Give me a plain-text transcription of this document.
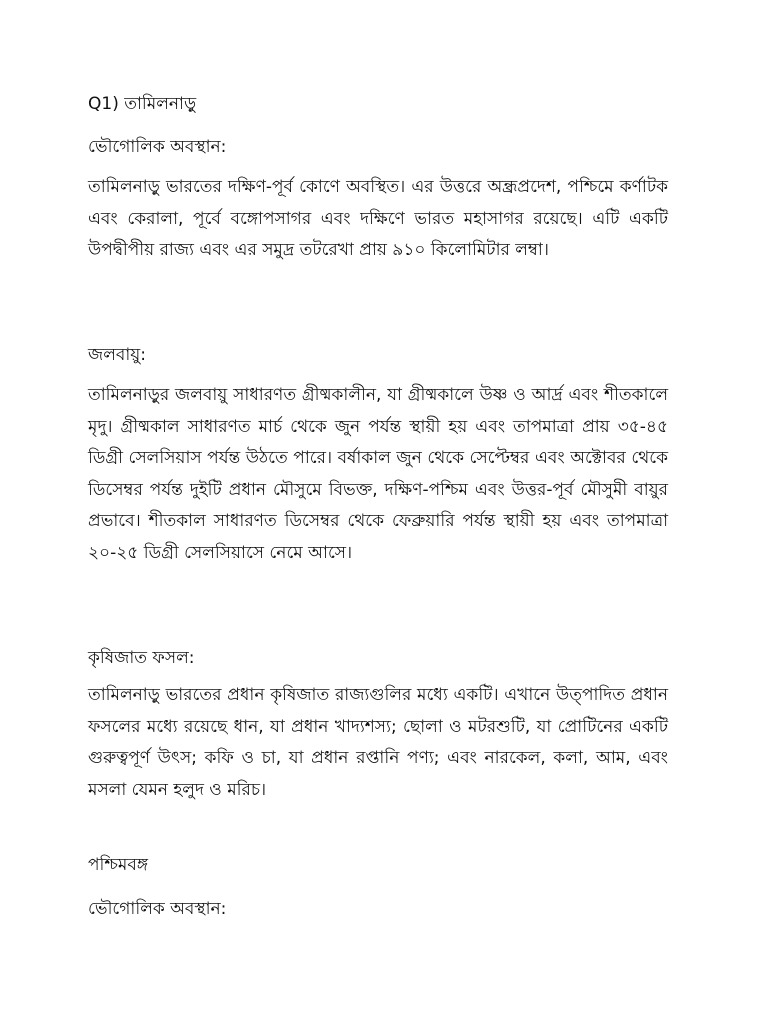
Q1) তামিলনাড়ু
ভৌগোলিক অবস্থান:
তামিলনাড়ু ভারতের দক্ষিণ-পূর্ব কোণে অবস্থিত। এর উত্তরে অন্ধ্রপ্রদেশ, পশ্চিমে কর্ণাটক এবং কেরালা, পূর্বে বঙ্গোপসাগর এবং দক্ষিণে ভারত মহাসাগর রয়েছে। এটি একটি উপদ্বীপীয় রাজ্য এবং এর সমুদ্র তটরেখা প্রায় ৯১০ কিলোমিটার লম্বা।
জলবায়ু:
তামিলনাড়ুর জলবায়ু সাধারণত গ্রীষ্মকালীন, যা গ্রীষ্মকালে উষ্ণ ও আর্দ্র এবং শীতকালে মৃদু। গ্রীষ্মকাল সাধারণত মার্চ থেকে জুন পর্যন্ত স্থায়ী হয় এবং তাপমাত্রা প্রায় ৩৫-৪৫ ডিগ্রী সেলসিয়াস পর্যন্ত উঠতে পারে। বর্ষাকাল জুন থেকে সেপ্টেম্বর এবং অক্টোবর থেকে ডিসেম্বর পর্যন্ত দুইটি প্রধান মৌসুমে বিভক্ত, দক্ষিণ-পশ্চিম এবং উত্তর-পূর্ব মৌসুমী বায়ুর প্রভাবে। শীতকাল সাধারণত ডিসেম্বর থেকে ফেব্রুয়ারি পর্যন্ত স্থায়ী হয় এবং তাপমাত্রা ২০-২৫ ডিগ্রী সেলসিয়াসে নেমে আসে।
কৃষিজাত ফসল:
তামিলনাড়ু ভারতের প্রধান কৃষিজাত রাজ্যগুলির মধ্যে একটি। এখানে উত্পাদিত প্রধান ফসলের মধ্যে রয়েছে ধান, যা প্রধান খাদ্যশস্য; ছোলা ও মটরশুটি, যা প্রোটিনের একটি গুরুত্বপূর্ণ উৎস; কফি ও চা, যা প্রধান রপ্তানি পণ্য; এবং নারকেল, কলা, আম, এবং মসলা যেমন হলুদ ও মরিচ।
পশ্চিমবঙ্গ
ভৌগোলিক অবস্থান:
